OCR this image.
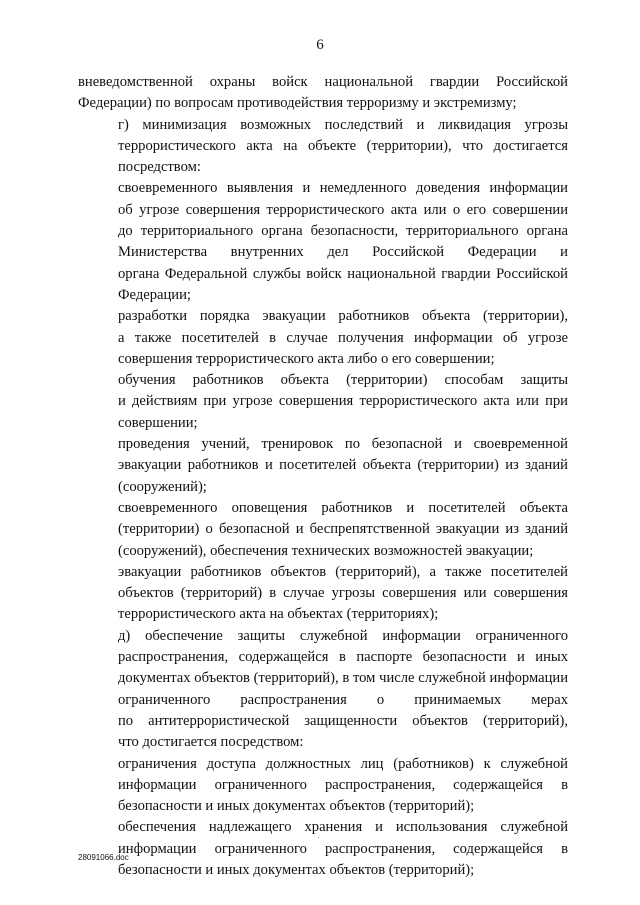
6
вневедомственной охраны войск национальной гвардии Российской
Федерации) по вопросам противодействия терроризму и экстремизму;
г) минимизация возможных последствий и ликвидация угрозы
террористического акта на объекте (территории), что достигается
посредством:
своевременного выявления и немедленного доведения информации
об угрозе совершения террористического акта или о его совершении
до территориального органа безопасности, территориального органа
Министерства внутренних дел Российской Федерации и
органа Федеральной службы войск национальной гвардии Российской
Федерации;
разработки порядка эвакуации работников объекта (территории),
а также посетителей в случае получения информации об угрозе
совершения террористического акта либо о его совершении;
обучения работников объекта (территории) способам защиты
и действиям при угрозе совершения террористического акта или при
совершении;
проведения учений, тренировок по безопасной и своевременной
эвакуации работников и посетителей объекта (территории) из зданий
(сооружений);
своевременного оповещения работников и посетителей объекта
(территории) о безопасной и беспрепятственной эвакуации из зданий
(сооружений), обеспечения технических возможностей эвакуации;
эвакуации работников объектов (территорий), а также посетителей
объектов (территорий) в случае угрозы совершения или совершения
террористического акта на объектах (территориях);
д) обеспечение защиты служебной информации ограниченного
распространения, содержащейся в паспорте безопасности и иных
документах объектов (территорий), в том числе служебной информации
ограниченного распространения о принимаемых мерах
по антитеррористической защищенности объектов (территорий),
что достигается посредством:
ограничения доступа должностных лиц (работников) к служебной
информации ограниченного распространения, содержащейся в
безопасности и иных документах объектов (территорий);
обеспечения надлежащего хранения и использования служебной
информации ограниченного распространения, содержащейся в
безопасности и иных документах объектов (территорий);
28091066.doc
